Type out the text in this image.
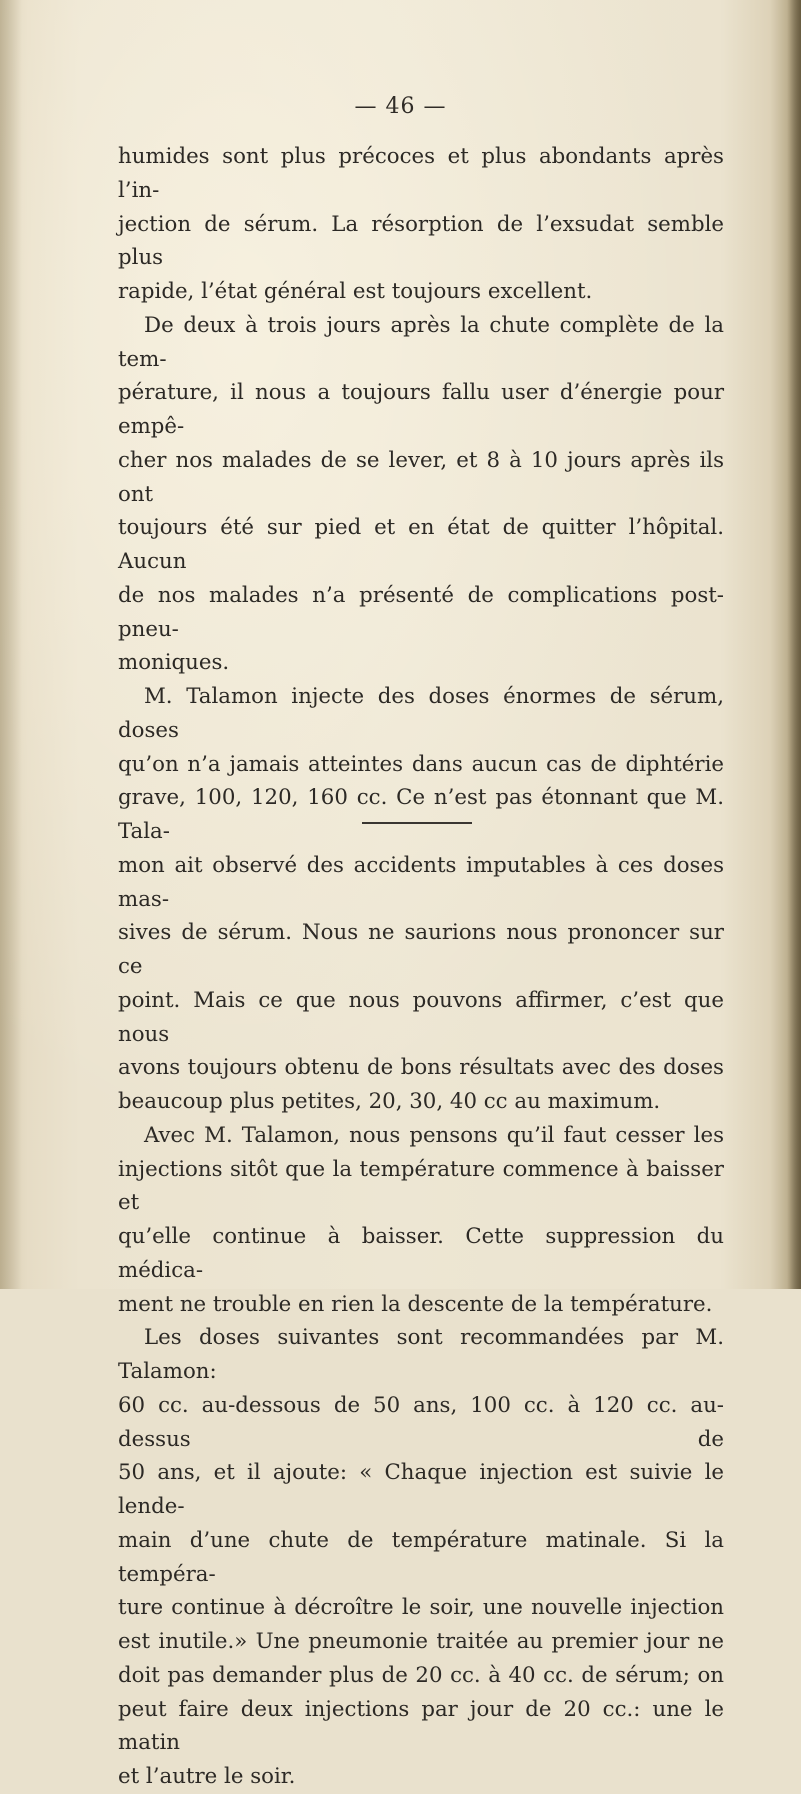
— 46 —

humides sont plus précoces et plus abondants après l’in-

jection de sérum. La résorption de l’exsudat semble plus

rapide, l’état général est toujours excellent.

De deux à trois jours après la chute complète de la tem-

pérature, il nous a toujours fallu user d’énergie pour empê-

cher nos malades de se lever, et 8 à 10 jours après ils ont

toujours été sur pied et en état de quitter l’hôpital. Aucun

de nos malades n’a présenté de complications post-pneu-

moniques.

M. Talamon injecte des doses énormes de sérum, doses

qu’on n’a jamais atteintes dans aucun cas de diphtérie

grave, 100, 120, 160 cc. Ce n’est pas étonnant que M. Tala-

mon ait observé des accidents imputables à ces doses mas-

sives de sérum. Nous ne saurions nous prononcer sur ce

point. Mais ce que nous pouvons affirmer, c’est que nous

avons toujours obtenu de bons résultats avec des doses

beaucoup plus petites, 20, 30, 40 cc au maximum.

Avec M. Talamon, nous pensons qu’il faut cesser les

injections sitôt que la température commence à baisser et

qu’elle continue à baisser. Cette suppression du médica-

ment ne trouble en rien la descente de la température.

Les doses suivantes sont recommandées par M. Talamon:

60 cc. au-dessous de 50 ans, 100 cc. à 120 cc. au-dessus de

50 ans, et il ajoute: « Chaque injection est suivie le lende-

main d’une chute de température matinale. Si la tempéra-

ture continue à décroître le soir, une nouvelle injection

est inutile.» Une pneumonie traitée au premier jour ne

doit pas demander plus de 20 cc. à 40 cc. de sérum; on

peut faire deux injections par jour de 20 cc.: une le matin

et l’autre le soir.
